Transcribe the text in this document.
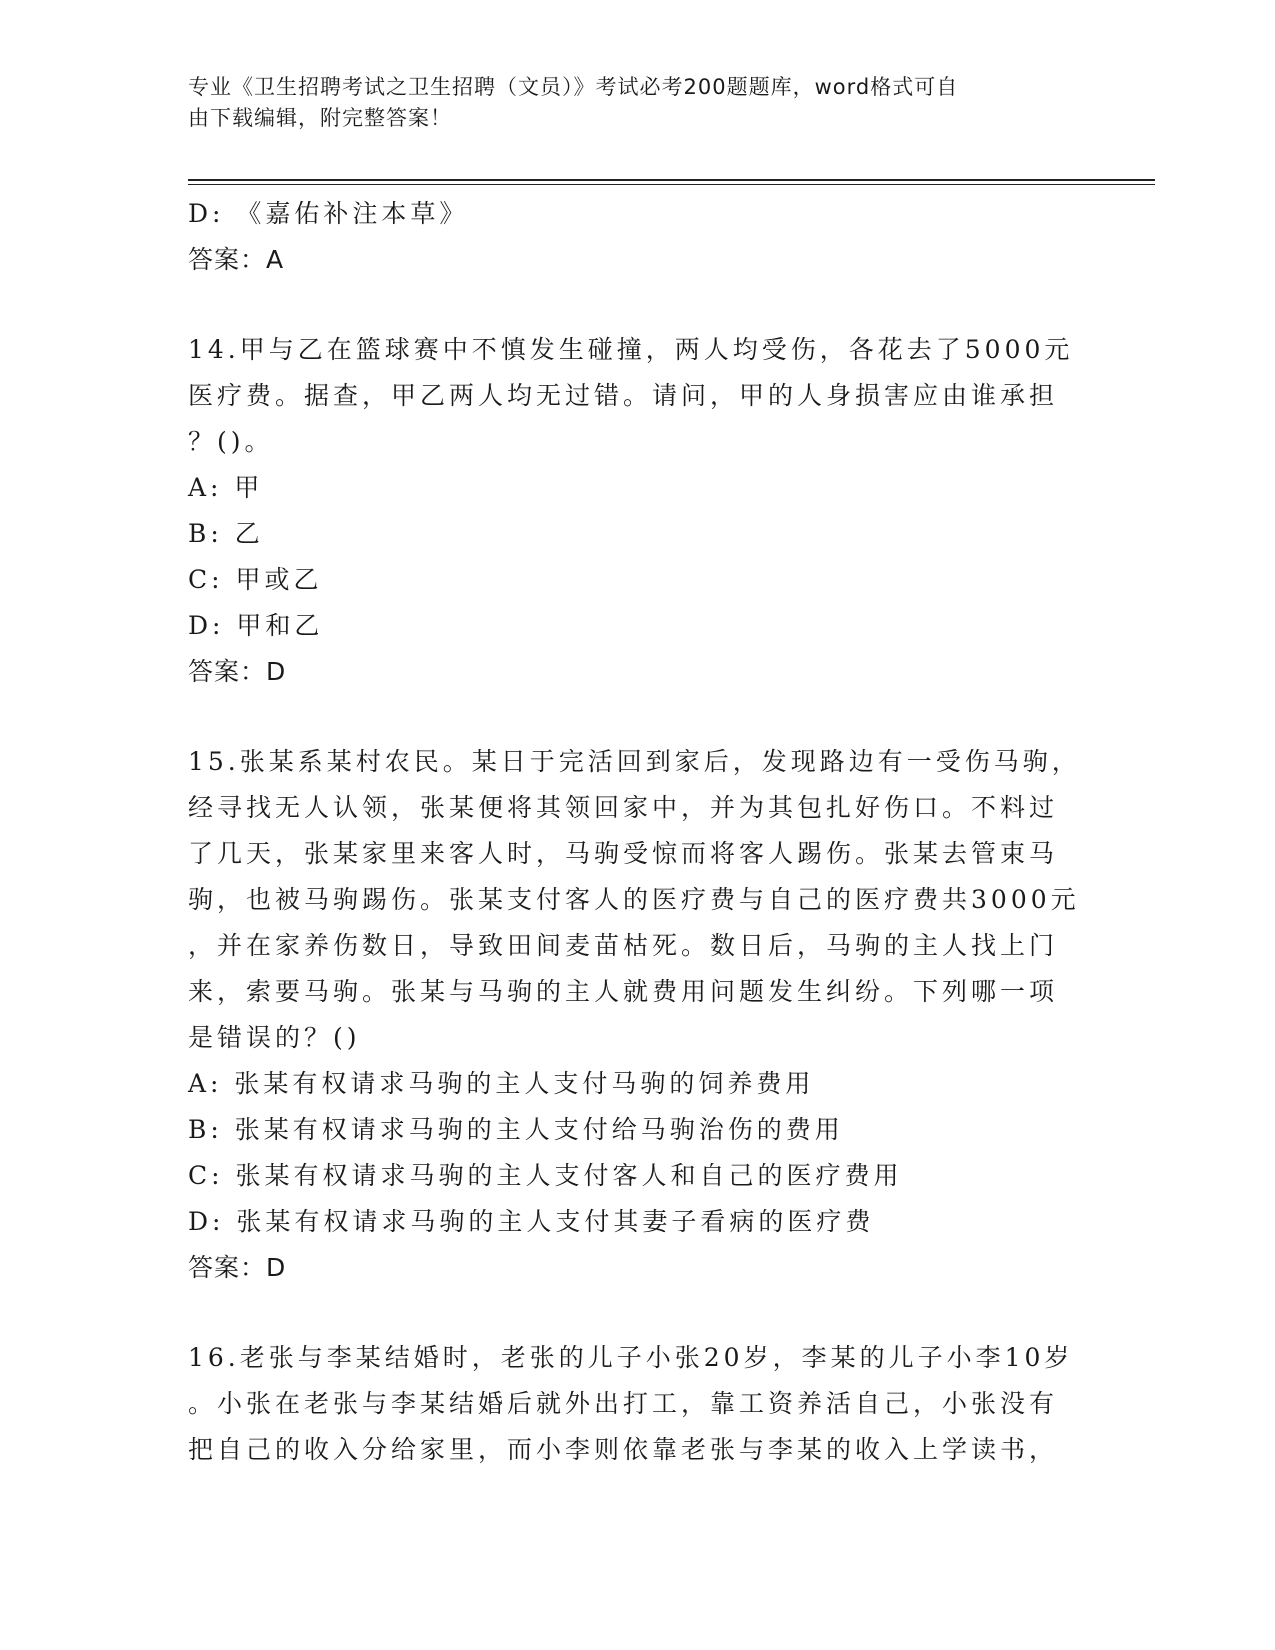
专业《卫生招聘考试之卫生招聘（文员）》考试必考200题题库，word格式可自
由下载编辑，附完整答案！
D: 《嘉佑补注本草》
答案：A
14.甲与乙在篮球赛中不慎发生碰撞，两人均受伤，各花去了5000元
医疗费。据查，甲乙两人均无过错。请问，甲的人身损害应由谁承担
？()。
A: 甲
B: 乙
C: 甲或乙
D: 甲和乙
答案：D
15.张某系某村农民。某日于完活回到家后，发现路边有一受伤马驹，
经寻找无人认领，张某便将其领回家中，并为其包扎好伤口。不料过
了几天，张某家里来客人时，马驹受惊而将客人踢伤。张某去管束马
驹，也被马驹踢伤。张某支付客人的医疗费与自己的医疗费共3000元
，并在家养伤数日，导致田间麦苗枯死。数日后，马驹的主人找上门
来，索要马驹。张某与马驹的主人就费用问题发生纠纷。下列哪一项
是错误的？()
A: 张某有权请求马驹的主人支付马驹的饲养费用
B: 张某有权请求马驹的主人支付给马驹治伤的费用
C: 张某有权请求马驹的主人支付客人和自己的医疗费用
D: 张某有权请求马驹的主人支付其妻子看病的医疗费
答案：D
16.老张与李某结婚时，老张的儿子小张20岁，李某的儿子小李10岁
。小张在老张与李某结婚后就外出打工，靠工资养活自己，小张没有
把自己的收入分给家里，而小李则依靠老张与李某的收入上学读书，
